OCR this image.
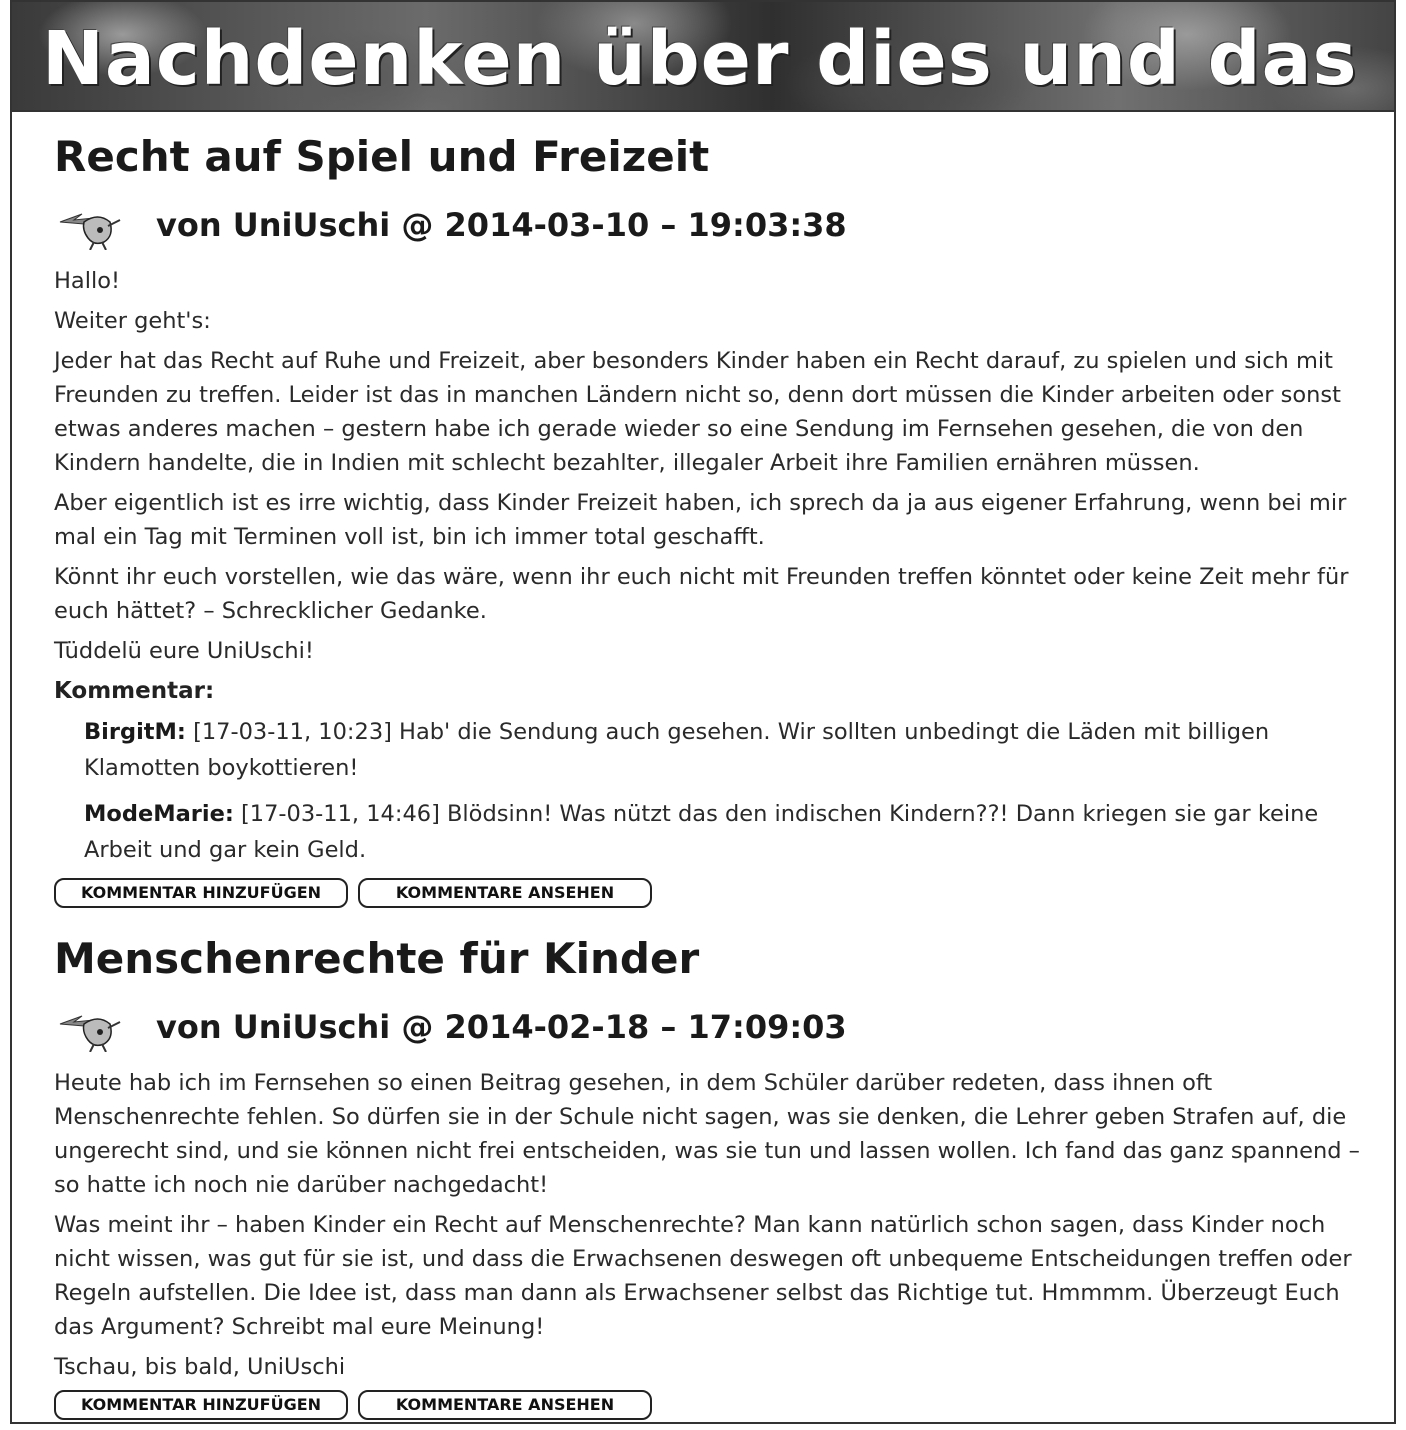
Nachdenken über dies und das
Recht auf Spiel und Freizeit
von UniUschi @ 2014-03-10 – 19:03:38

Hallo!

Weiter geht's:

Jeder hat das Recht auf Ruhe und Freizeit, aber besonders Kinder haben ein Recht darauf, zu spielen und sich mit Freunden zu treffen. Leider ist das in manchen Ländern nicht so, denn dort müssen die Kinder arbeiten oder sonst etwas anderes machen – gestern habe ich gerade wieder so eine Sendung im Fernsehen gesehen, die von den Kindern handelte, die in Indien mit schlecht bezahlter, illegaler Arbeit ihre Familien ernähren müssen.

Aber eigentlich ist es irre wichtig, dass Kinder Freizeit haben, ich sprech da ja aus eigener Erfahrung, wenn bei mir mal ein Tag mit Terminen voll ist, bin ich immer total geschafft.

Könnt ihr euch vorstellen, wie das wäre, wenn ihr euch nicht mit Freunden treffen könntet oder keine Zeit mehr für euch hättet? – Schrecklicher Gedanke.

Tüddelü eure UniUschi!

Kommentar:
BirgitM: [17-03-11, 10:23] Hab' die Sendung auch gesehen. Wir sollten unbedingt die Läden mit billigen Klamotten boykottieren!
ModeMarie: [17-03-11, 14:46] Blödsinn! Was nützt das den indischen Kindern??! Dann kriegen sie gar keine Arbeit und gar kein Geld.
KOMMENTAR HINZUFÜGEN	KOMMENTARE ANSEHEN
Menschenrechte für Kinder
von UniUschi @ 2014-02-18 – 17:09:03

Heute hab ich im Fernsehen so einen Beitrag gesehen, in dem Schüler darüber redeten, dass ihnen oft Menschenrechte fehlen. So dürfen sie in der Schule nicht sagen, was sie denken, die Lehrer geben Strafen auf, die ungerecht sind, und sie können nicht frei entscheiden, was sie tun und lassen wollen. Ich fand das ganz spannend – so hatte ich noch nie darüber nachgedacht!

Was meint ihr – haben Kinder ein Recht auf Menschenrechte? Man kann natürlich schon sagen, dass Kinder noch nicht wissen, was gut für sie ist, und dass die Erwachsenen deswegen oft unbequeme Entscheidungen treffen oder Regeln aufstellen. Die Idee ist, dass man dann als Erwachsener selbst das Richtige tut. Hmmmm. Überzeugt Euch das Argument? Schreibt mal eure Meinung!

Tschau, bis bald, UniUschi

KOMMENTAR HINZUFÜGEN	KOMMENTARE ANSEHEN
